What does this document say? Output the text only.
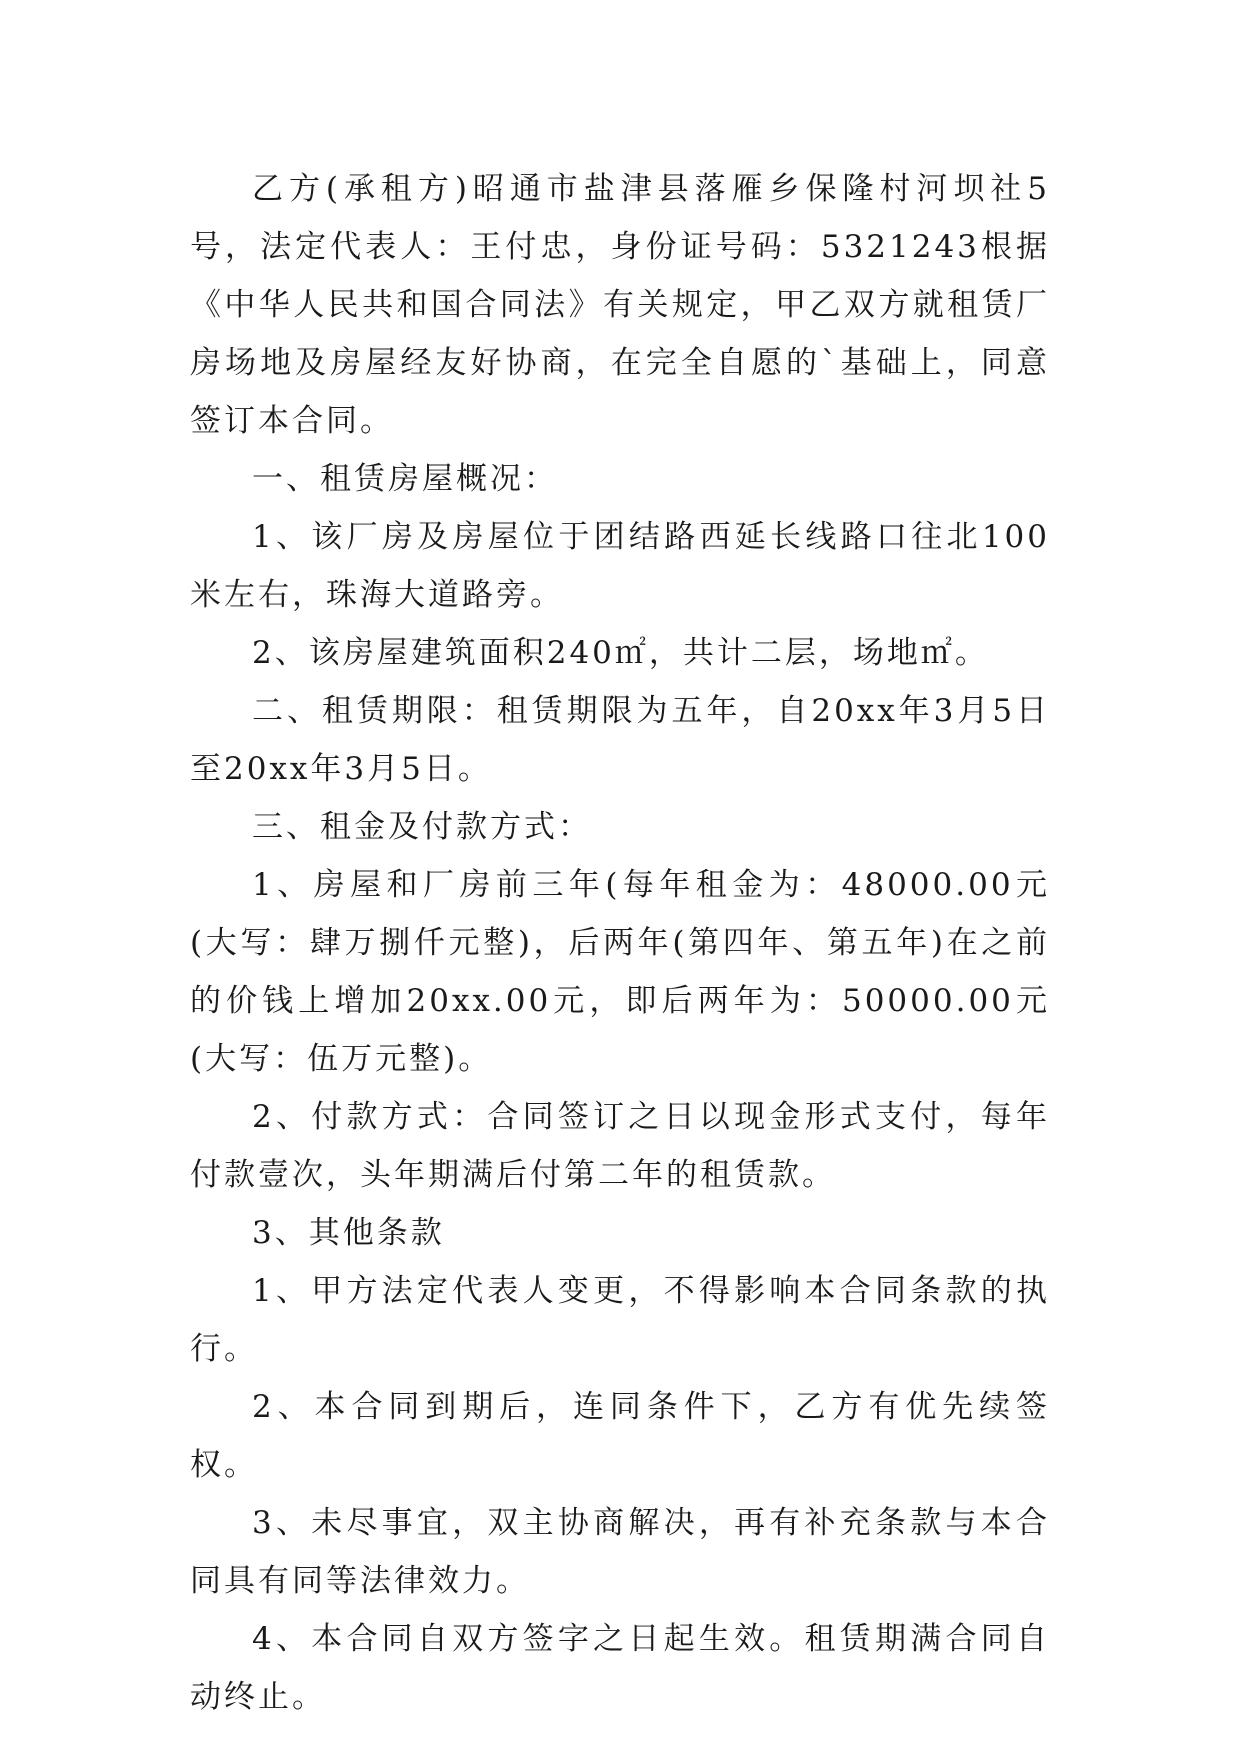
乙方(承租方)昭通市盐津县落雁乡保隆村河坝社5号，法定代表人：王付忠，身份证号码：5321243根据《中华人民共和国合同法》有关规定，甲乙双方就租赁厂房场地及房屋经友好协商，在完全自愿的`基础上，同意签订本合同。

一、租赁房屋概况：

1、该厂房及房屋位于团结路西延长线路口往北100米左右，珠海大道路旁。

2、该房屋建筑面积240㎡，共计二层，场地㎡。

二、租赁期限：租赁期限为五年，自20xx年3月5日至20xx年3月5日。

三、租金及付款方式：

1、房屋和厂房前三年(每年租金为：48000.00元(大写：肆万捌仟元整)，后两年(第四年、第五年)在之前的价钱上增加20xx.00元，即后两年为：50000.00元(大写：伍万元整)。

2、付款方式：合同签订之日以现金形式支付，每年付款壹次，头年期满后付第二年的租赁款。

3、其他条款

1、甲方法定代表人变更，不得影响本合同条款的执行。

2、本合同到期后，连同条件下，乙方有优先续签权。

3、未尽事宜，双主协商解决，再有补充条款与本合同具有同等法律效力。

4、本合同自双方签字之日起生效。租赁期满合同自动终止。
